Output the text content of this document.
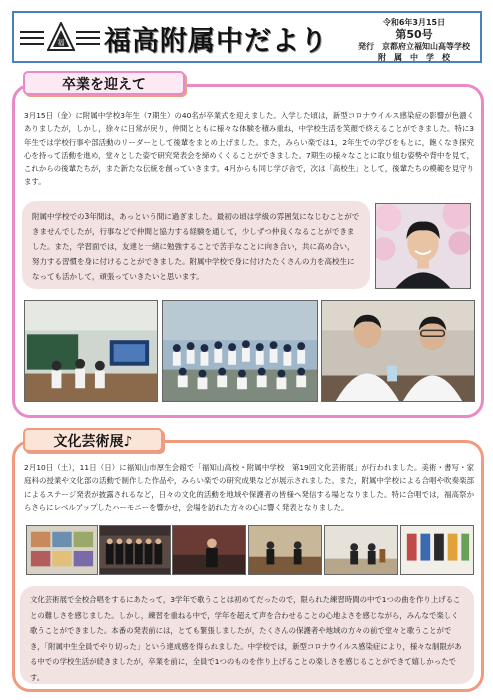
福 福高附属中だより
令和6年3月15日
第50号
発行　京都府立福知山高等学校
附　属　中　学　校
卒業を迎えて
3月15日（金）に附属中学校3年生（7期生）の40名が卒業式を迎えました。入学した頃は，新型コロナウイルス感染症の影響が色濃くありましたが，しかし，徐々に日常が戻り，仲間とともに様々な体験を積み重ね，中学校生活を笑顔で終えることができました。特に3年生では学校行事や部活動のリーダーとして後輩をまとめ上げました。また，みらい楽では1，2年生での学びをもとに，飽くなき探究心を持って活動を進め，堂々とした姿で研究発表会を締めくくることができました。7期生の様々なことに取り組む姿勢や背中を見て，これからの後輩たちが，また新たな伝統を創っていきます。4月からも同じ学び舎で，次は「高校生」として，後輩たちの模範を見守ります。
附属中学校での3年間は，あっという間に過ぎました。最初の頃は学級の雰囲気になじむことができませんでしたが，行事などで仲間と協力する経験を通して，少しずつ仲良くなることができました。また，学習面では，友達と一緒に勉強することで苦手なことに向き合い，共に高め合い，努力する習慣を身に付けることができました。附属中学校で身に付けたたくさんの力を高校生になっても活かして，頑張っていきたいと思います。
文化芸術展♪
2月10日（土），11日（日）に福知山市厚生会館で「福知山高校・附属中学校　第19回文化芸術展」が行われました。美術・書写・家庭科の授業や文化部の活動で制作した作品や，みらい楽での研究成果などが展示されました。また，附属中学校による合唱や吹奏楽部によるステージ発表が披露されるなど，日々の文化的活動を地域や保護者の皆様へ発信する場となりました。特に合唱では，福高祭からさらにレベルアップしたハーモニーを響かせ，会場を訪れた方々の心に響く発表となりました。
文化芸術展で全校合唱をするにあたって，3学年で歌うことは初めてだったので，限られた練習時間の中で1つの曲を作り上げることの難しさを感じました。しかし，練習を重ねる中で，学年を超えて声を合わせることの心地よさを感じながら，みんなで楽しく歌うことができました。本番の発表前には，とても緊張しましたが，たくさんの保護者や地域の方々の前で堂々と歌うことができ，「附属中生全員でやり切った」という達成感を得られました。中学校では，新型コロナウイルス感染症により，様々な制限がある中での学校生活が続きましたが，卒業を前に，全員で1つのものを作り上げることの楽しさを感じることができて嬉しかったです。
